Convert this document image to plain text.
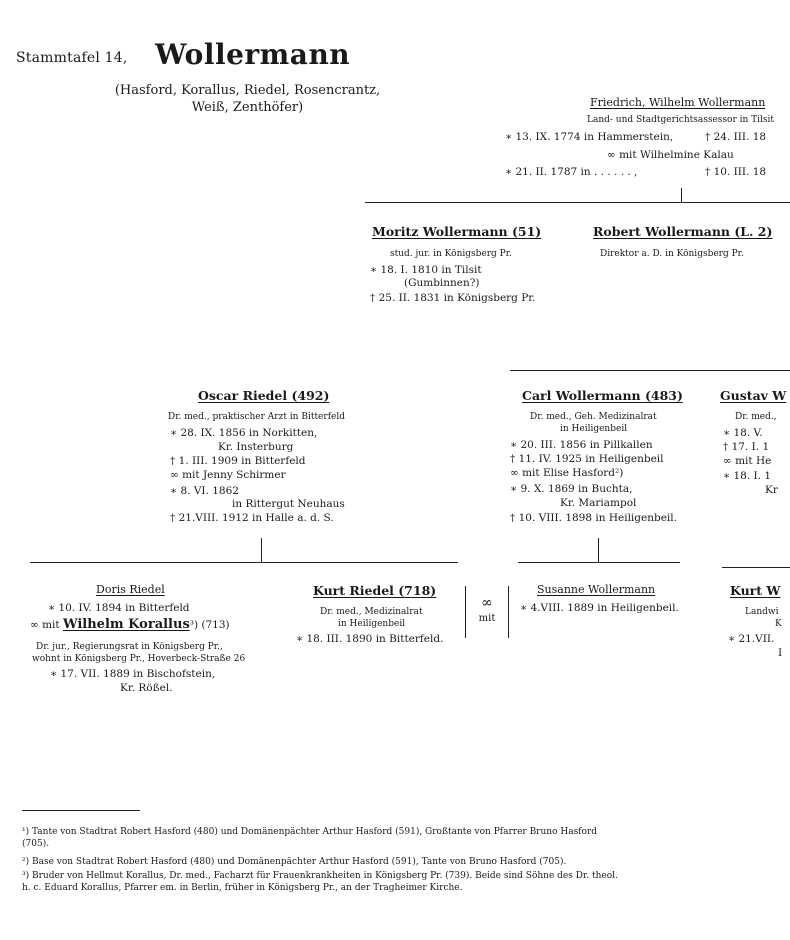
Stammtafel 14, Wollermann
(Hasford, Korallus, Riedel, Rosencrantz,
Weiß, Zenthöfer)	Friedrich, Wilhelm Wollermann
Land- und Stadtgerichtsassessor in Tilsit
∗ 13. IX. 1774 in Hammerstein,	† 24. III. 18
∞ mit Wilhelmine Kalau
∗ 21. II. 1787 in . . . . . . ,	† 10. III. 18
Moritz Wollermann (51)
stud. jur. in Königsberg Pr.
∗ 18. I. 1810 in Tilsit
(Gumbinnen?)
† 25. II. 1831 in Königsberg Pr.
Robert Wollermann (L. 2)
Direktor a. D. in Königsberg Pr.
Oscar Riedel (492)
Dr. med., praktischer Arzt in Bitterfeld
∗ 28. IX. 1856 in Norkitten,
Kr. Insterburg
† 1. III. 1909 in Bitterfeld
∞ mit Jenny Schirmer
∗ 8. VI. 1862
in Rittergut Neuhaus
† 21.VIII. 1912 in Halle a. d. S.
Carl Wollermann (483)
Dr. med., Geh. Medizinalrat
in Heiligenbeil
∗ 20. III. 1856 in Pillkallen
† 11. IV. 1925 in Heiligenbeil
∞ mit Elise Hasford²)
∗ 9. X. 1869 in Buchta,
Kr. Mariampol
† 10. VIII. 1898 in Heiligenbeil.
Gustav W
Dr. med.,
∗ 18. V.
† 17. I. 1
∞ mit He
∗ 18. I. 1
Kr
Doris Riedel
∗ 10. IV. 1894 in Bitterfeld
∞ mit Wilhelm Korallus³) (713)
Dr. jur., Regierungsrat in Königsberg Pr.,
wohnt in Königsberg Pr., Hoverbeck-Straße 26
∗ 17. VII. 1889 in Bischofstein,
Kr. Rößel.
Kurt Riedel (718)
Dr. med., Medizinalrat
in Heiligenbeil
∗ 18. III. 1890 in Bitterfeld.
∞
mit
Susanne Wollermann
∗ 4.VIII. 1889 in Heiligenbeil.
Kurt W
Landwi
K
∗ 21.VII.
I
¹) Tante von Stadtrat Robert Hasford (480) und Domänenpächter Arthur Hasford (591), Großtante von Pfarrer Bruno Hasford (705).
²) Base von Stadtrat Robert Hasford (480) und Domänenpächter Arthur Hasford (591), Tante von Bruno Hasford (705).
³) Bruder von Hellmut Korallus, Dr. med., Facharzt für Frauenkrankheiten in Königsberg Pr. (739). Beide sind Söhne des Dr. theol. h. c. Eduard Korallus, Pfarrer em. in Berlin, früher in Königsberg Pr., an der Tragheimer Kirche.
